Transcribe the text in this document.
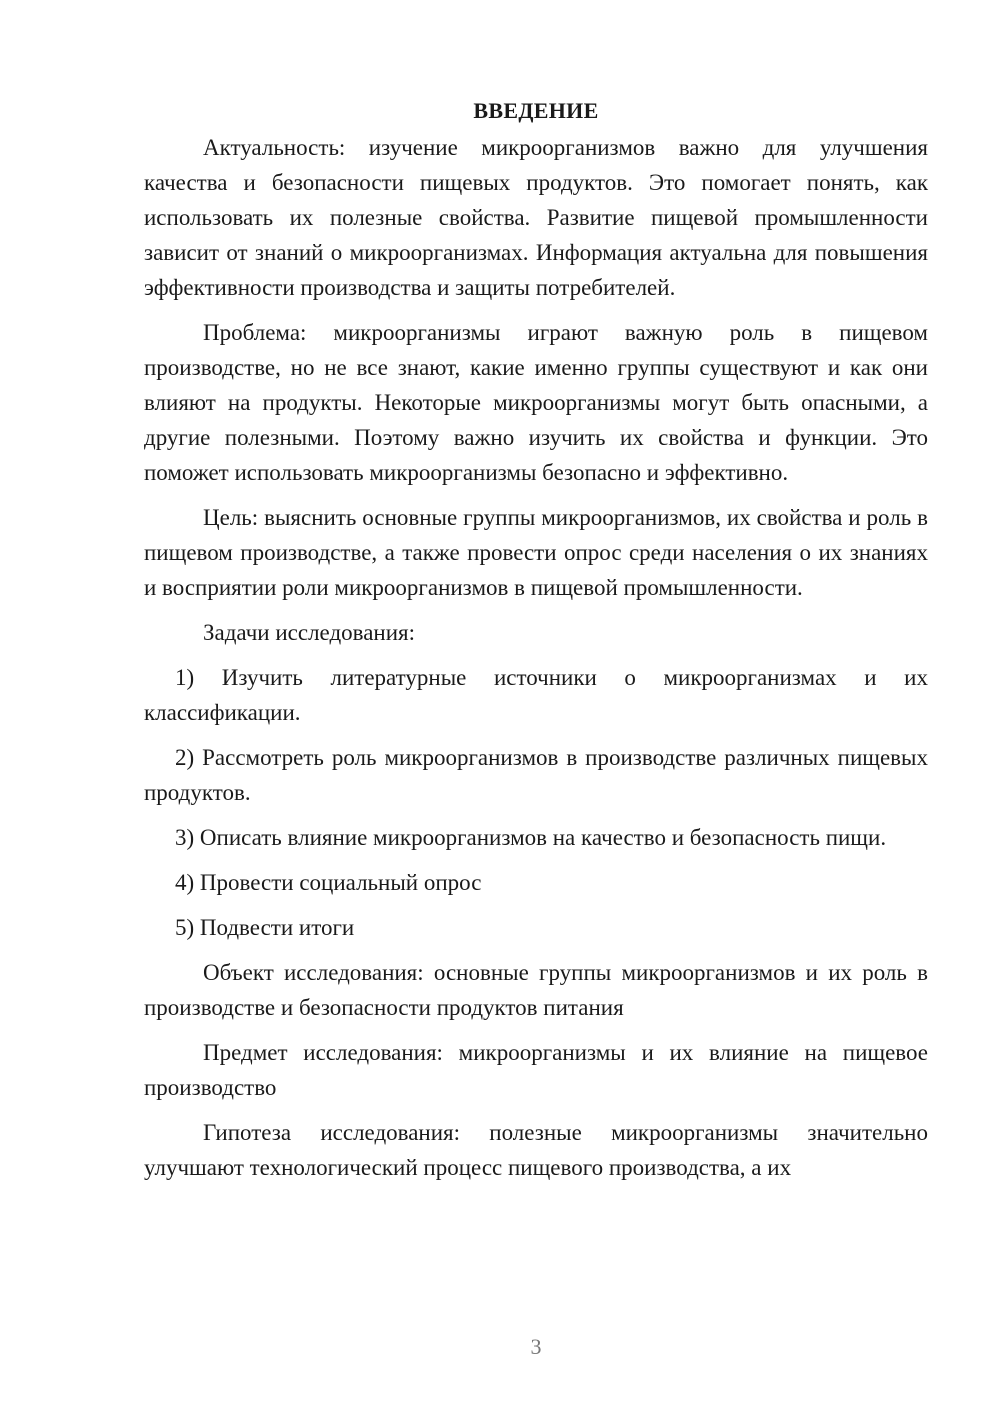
ВВЕДЕНИЕ

Актуальность: изучение микроорганизмов важно для улучшения качества и безопасности пищевых продуктов. Это помогает понять, как использовать их полезные свойства. Развитие пищевой промышленности зависит от знаний о микроорганизмах. Информация актуальна для повышения эффективности производства и защиты потребителей.

Проблема: микроорганизмы играют важную роль в пищевом производстве, но не все знают, какие именно группы существуют и как они влияют на продукты. Некоторые микроорганизмы могут быть опасными, а другие полезными. Поэтому важно изучить их свойства и функции. Это поможет использовать микроорганизмы безопасно и эффективно.

Цель: выяснить основные группы микроорганизмов, их свойства и роль в пищевом производстве, а также провести опрос среди населения о их знаниях и восприятии роли микроорганизмов в пищевой промышленности.

Задачи исследования:

1) Изучить литературные источники о микроорганизмах и их классификации.

2) Рассмотреть роль микроорганизмов в производстве различных пищевых продуктов.

3) Описать влияние микроорганизмов на качество и безопасность пищи.

4) Провести социальный опрос

5) Подвести итоги

Объект исследования: основные группы микроорганизмов и их роль в производстве и безопасности продуктов питания

Предмет исследования: микроорганизмы и их влияние на пищевое производство

Гипотеза исследования: полезные микроорганизмы значительно улучшают технологический процесс пищевого производства, а их

3
